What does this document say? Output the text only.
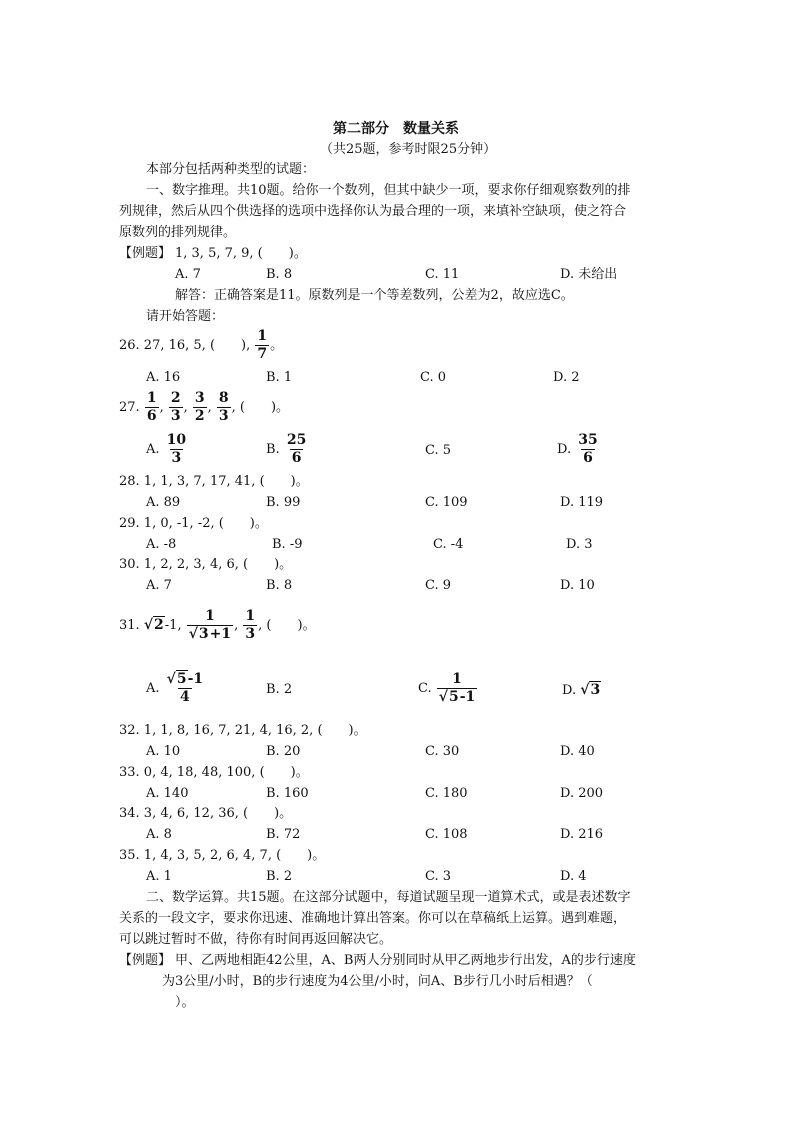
第二部分　数量关系
（共25题，参考时限25分钟）
本部分包括两种类型的试题：
一、数字推理。共10题。给你一个数列，但其中缺少一项，要求你仔细观察数列的排
列规律，然后从四个供选择的选项中选择你认为最合理的一项，来填补空缺项，使之符合
原数列的排列规律。
【例题】 1, 3, 5, 7, 9, (　　)。
A. 7	B. 8	C. 11	D. 未给出
解答：正确答案是11。原数列是一个等差数列，公差为2，故应选C。
请开始答题：
26. 27, 16, 5, (　　), $\frac{1}{7}$ 。
A. 16	B. 1	C. 0	D. 2
27. $\frac{1}{6}$ , $\frac{2}{3}$ , $\frac{3}{2}$ , $\frac{8}{3}$ , (　　)。
A. $\frac{10}{3}$	B. $\frac{25}{6}$	C. 5	D. $\frac{35}{6}$
28. 1, 1, 3, 7, 17, 41, (　　)。
A. 89	B. 99	C. 109	D. 119
29. 1, 0, -1, -2, (　　)。
A. -8	B. -9	C. -4	D. 3
30. 1, 2, 2, 3, 4, 6, (　　)。
A. 7	B. 8	C. 9	D. 10
31. √2-1, $\frac{1}{√3+1}$ , $\frac{1}{3}$ , (　　)。
A. $\frac{√5-1}{4}$	B. 2	C. $\frac{1}{√5-1}$	D. √3
32. 1, 1, 8, 16, 7, 21, 4, 16, 2, (　　)。
A. 10	B. 20	C. 30	D. 40
33. 0, 4, 18, 48, 100, (　　)。
A. 140	B. 160	C. 180	D. 200
34. 3, 4, 6, 12, 36, (　　)。
A. 8	B. 72	C. 108	D. 216
35. 1, 4, 3, 5, 2, 6, 4, 7, (　　)。
A. 1	B. 2	C. 3	D. 4
二、数学运算。共15题。在这部分试题中，每道试题呈现一道算术式，或是表述数字
关系的一段文字，要求你迅速、准确地计算出答案。你可以在草稿纸上运算。遇到难题，
可以跳过暂时不做，待你有时间再返回解决它。
【例题】 甲、乙两地相距42公里，A、B两人分别同时从甲乙两地步行出发，A的步行速度
为3公里/小时，B的步行速度为4公里/小时，问A、B步行几小时后相遇？（
）。
